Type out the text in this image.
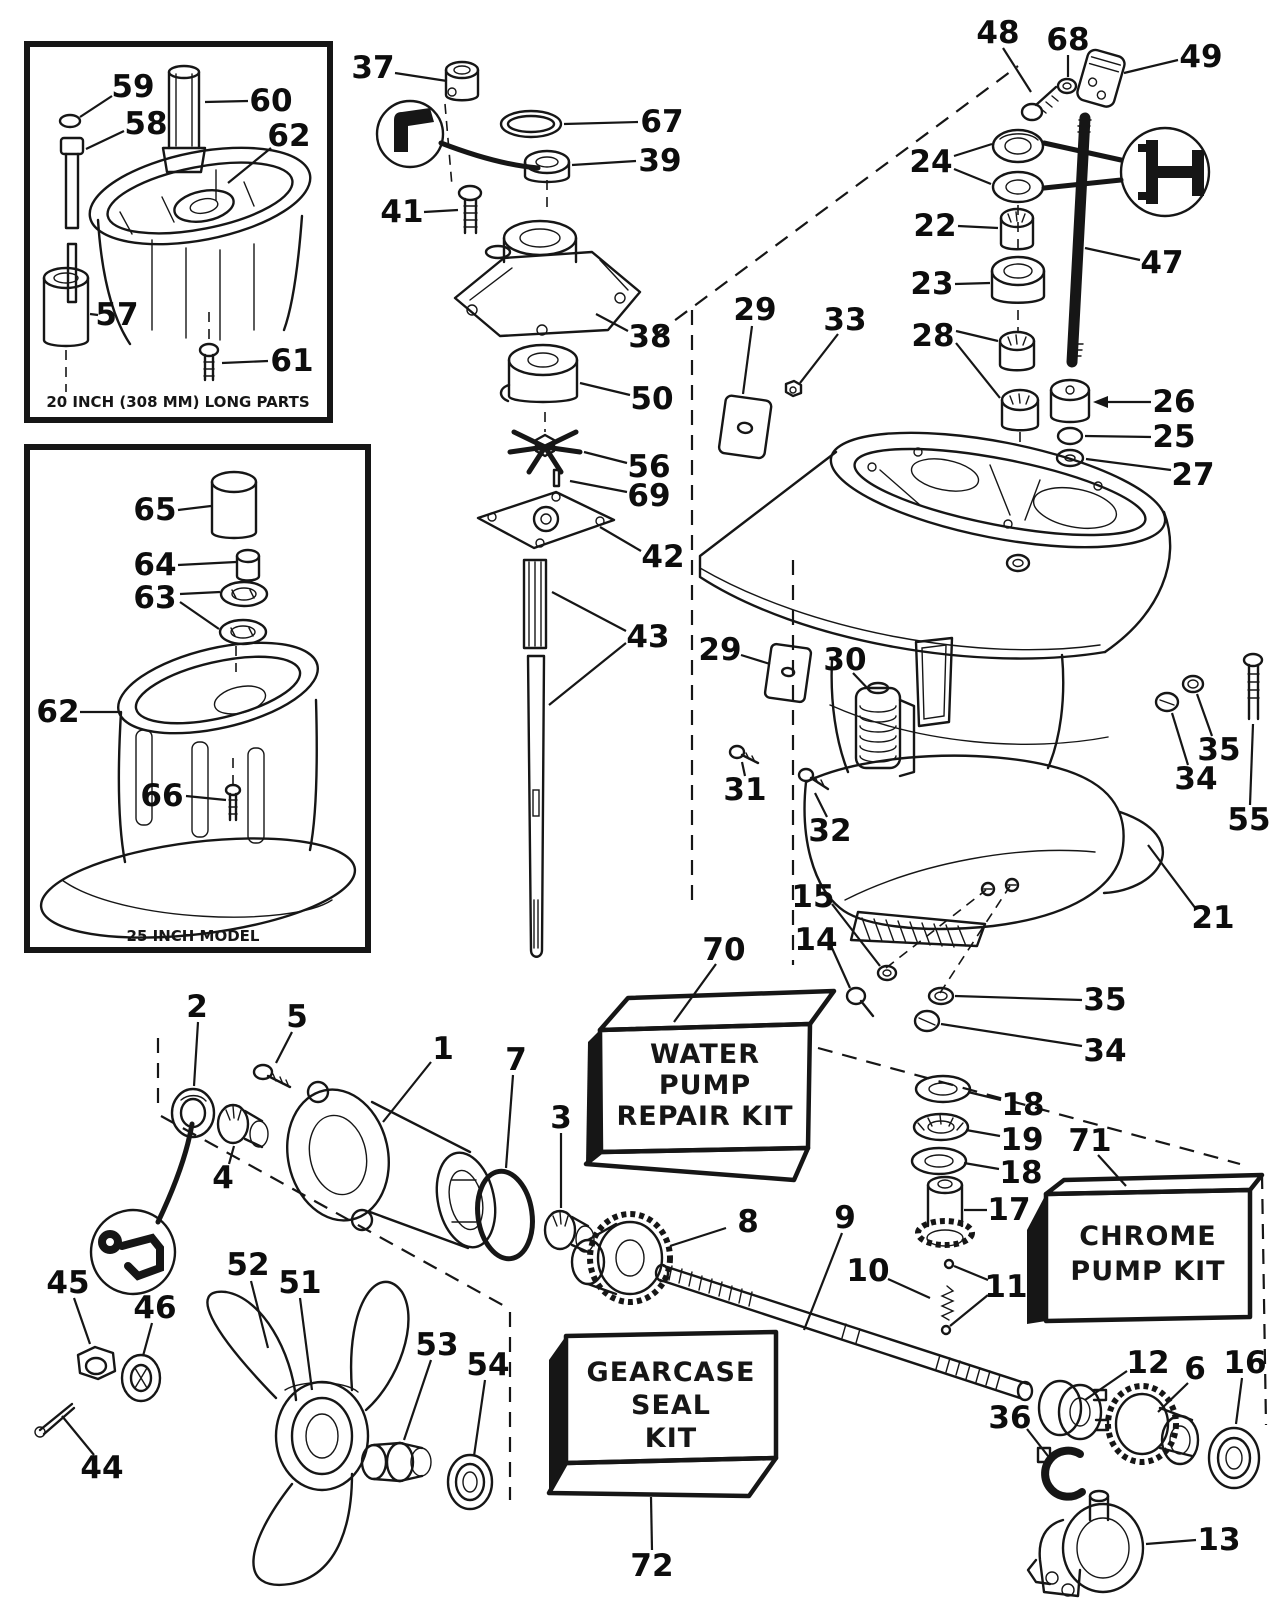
20 INCH (308 MM) LONG PARTS
25 INCH MODEL
WATER
PUMP
REPAIR KIT
CHROME
PUMP KIT
GEARCASE
SEAL
KIT
59	60
58	62
57
61
65
64
63
62
66
37
67
39
41
38
50
56
69
42
43
48 68	49
24
22
23
28
47
26
25
27
29 33
29	30
31
32
35
34
55
21
15
14
35
34
70
71
72
2	5
1 7
3
4
45
46
52 51
53
54
44
8 9
10	11
18
19
18
17
36
12 6 16
13
